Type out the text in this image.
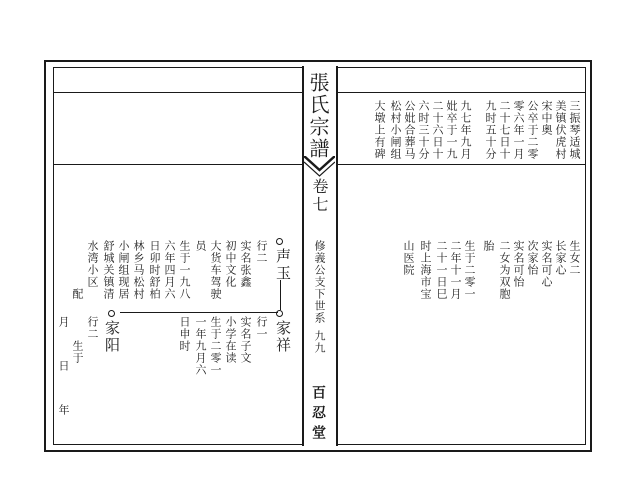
張氏宗譜
卷七
修義公支下世系
九九
百忍堂
三振琴适城
美镇伏虎村
宋中奥
公卒于二零
零六年一月
二十七日十
九时五十分
九七年九月
妣卒于一九
二十六日十
六时三十分
公妣合葬马
松村小闸组
大墩上有碑
生女二
长家心
实名可心
次家怡
实名可怡
二女为双胞
胎
生于二零一
二年十一月
二十一日巳
时上海市宝
山医院
家祥
行一
实名子文
小学在读
生于二零一
一年九月六
日申时
声玉
行二
实名张鑫
初中文化
大货车驾驶
员
生于一九八
六年四月六
日卯时舒柏
林乡马松村
小闸组现居
舒城关镇清
水湾小区
配
家阳
行二
生于
月 日 年
